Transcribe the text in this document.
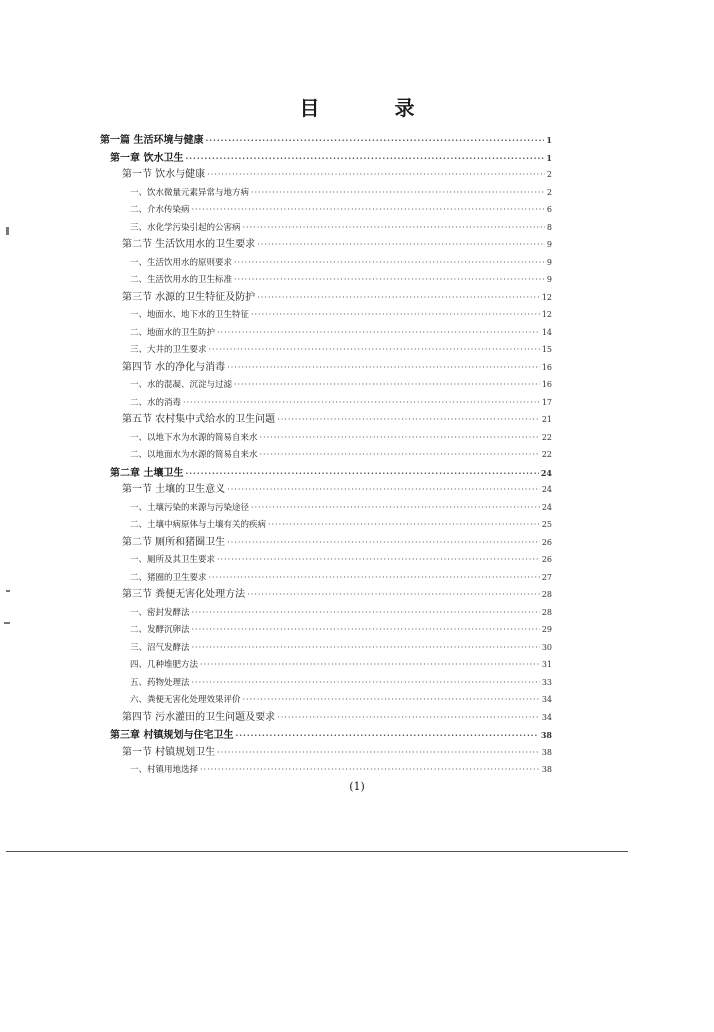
目 录
第一篇 生活环境与健康 ·····	1
第一章 饮水卫生 ·····	1
第一节 饮水与健康 ·····	2
一、饮水微量元素异常与地方病 ·····	2
二、介水传染病 ·····	6
三、水化学污染引起的公害病 ·····	8
第二节 生活饮用水的卫生要求 ·····	9
一、生活饮用水的原则要求 ·····	9
二、生活饮用水的卫生标准 ·····	9
第三节 水源的卫生特征及防护 ·····	12
一、地面水、地下水的卫生特征 ·····	12
二、地面水的卫生防护 ·····	14
三、大井的卫生要求 ·····	15
第四节 水的净化与消毒 ·····	16
一、水的混凝、沉淀与过滤 ·····	16
二、水的消毒 ·····	17
第五节 农村集中式给水的卫生问题 ·····	21
一、以地下水为水源的简易自来水 ·····	22
二、以地面水为水源的简易自来水 ·····	22
第二章 土壤卫生 ·····	24
第一节 土壤的卫生意义 ·····	24
一、土壤污染的来源与污染途径 ·····	24
二、土壤中病原体与土壤有关的疾病 ·····	25
第二节 厕所和猪圈卫生 ·····	26
一、厕所及其卫生要求 ·····	26
二、猪圈的卫生要求 ·····	27
第三节 粪便无害化处理方法 ·····	28
一、密封发酵法 ·····	28
二、发酵沉卵法 ·····	29
三、沼气发酵法 ·····	30
四、几种堆肥方法 ·····	31
五、药物处理法 ·····	33
六、粪便无害化处理效果评价 ·····	34
第四节 污水灌田的卫生问题及要求 ·····	34
第三章 村镇规划与住宅卫生 ·····	38
第一节 村镇规划卫生 ·····	38
一、村镇用地选择 ·····	38
(1)
